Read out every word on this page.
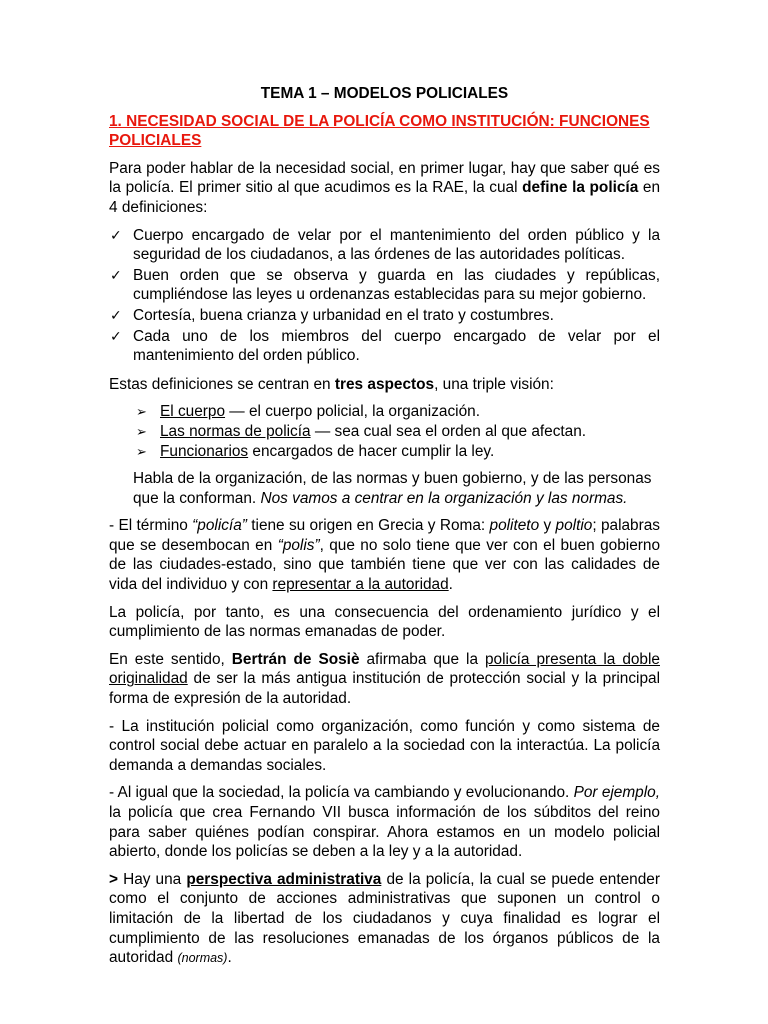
TEMA 1 – MODELOS POLICIALES

1. NECESIDAD SOCIAL DE LA POLICÍA COMO INSTITUCIÓN: FUNCIONES POLICIALES

Para poder hablar de la necesidad social, en primer lugar, hay que saber qué es la policía. El primer sitio al que acudimos es la RAE, la cual define la policía en 4 definiciones:

✓ Cuerpo encargado de velar por el mantenimiento del orden público y la seguridad de los ciudadanos, a las órdenes de las autoridades políticas.
✓ Buen orden que se observa y guarda en las ciudades y repúblicas, cumpliéndose las leyes u ordenanzas establecidas para su mejor gobierno.
✓ Cortesía, buena crianza y urbanidad en el trato y costumbres.
✓ Cada uno de los miembros del cuerpo encargado de velar por el mantenimiento del orden público.

Estas definiciones se centran en tres aspectos, una triple visión:

➢ El cuerpo — el cuerpo policial, la organización.
➢ Las normas de policía — sea cual sea el orden al que afectan.
➢ Funcionarios encargados de hacer cumplir la ley.

Habla de la organización, de las normas y buen gobierno, y de las personas que la conforman. Nos vamos a centrar en la organización y las normas.

- El término “policía” tiene su origen en Grecia y Roma: politeto y poltio; palabras que se desembocan en “polis”, que no solo tiene que ver con el buen gobierno de las ciudades-estado, sino que también tiene que ver con las calidades de vida del individuo y con representar a la autoridad.

La policía, por tanto, es una consecuencia del ordenamiento jurídico y el cumplimiento de las normas emanadas de poder.

En este sentido, Bertrán de Sosiè afirmaba que la policía presenta la doble originalidad de ser la más antigua institución de protección social y la principal forma de expresión de la autoridad.

- La institución policial como organización, como función y como sistema de control social debe actuar en paralelo a la sociedad con la interactúa. La policía demanda a demandas sociales.

- Al igual que la sociedad, la policía va cambiando y evolucionando. Por ejemplo, la policía que crea Fernando VII busca información de los súbditos del reino para saber quiénes podían conspirar. Ahora estamos en un modelo policial abierto, donde los policías se deben a la ley y a la autoridad.

> Hay una perspectiva administrativa de la policía, la cual se puede entender como el conjunto de acciones administrativas que suponen un control o limitación de la libertad de los ciudadanos y cuya finalidad es lograr el cumplimiento de las resoluciones emanadas de los órganos públicos de la autoridad (normas).
